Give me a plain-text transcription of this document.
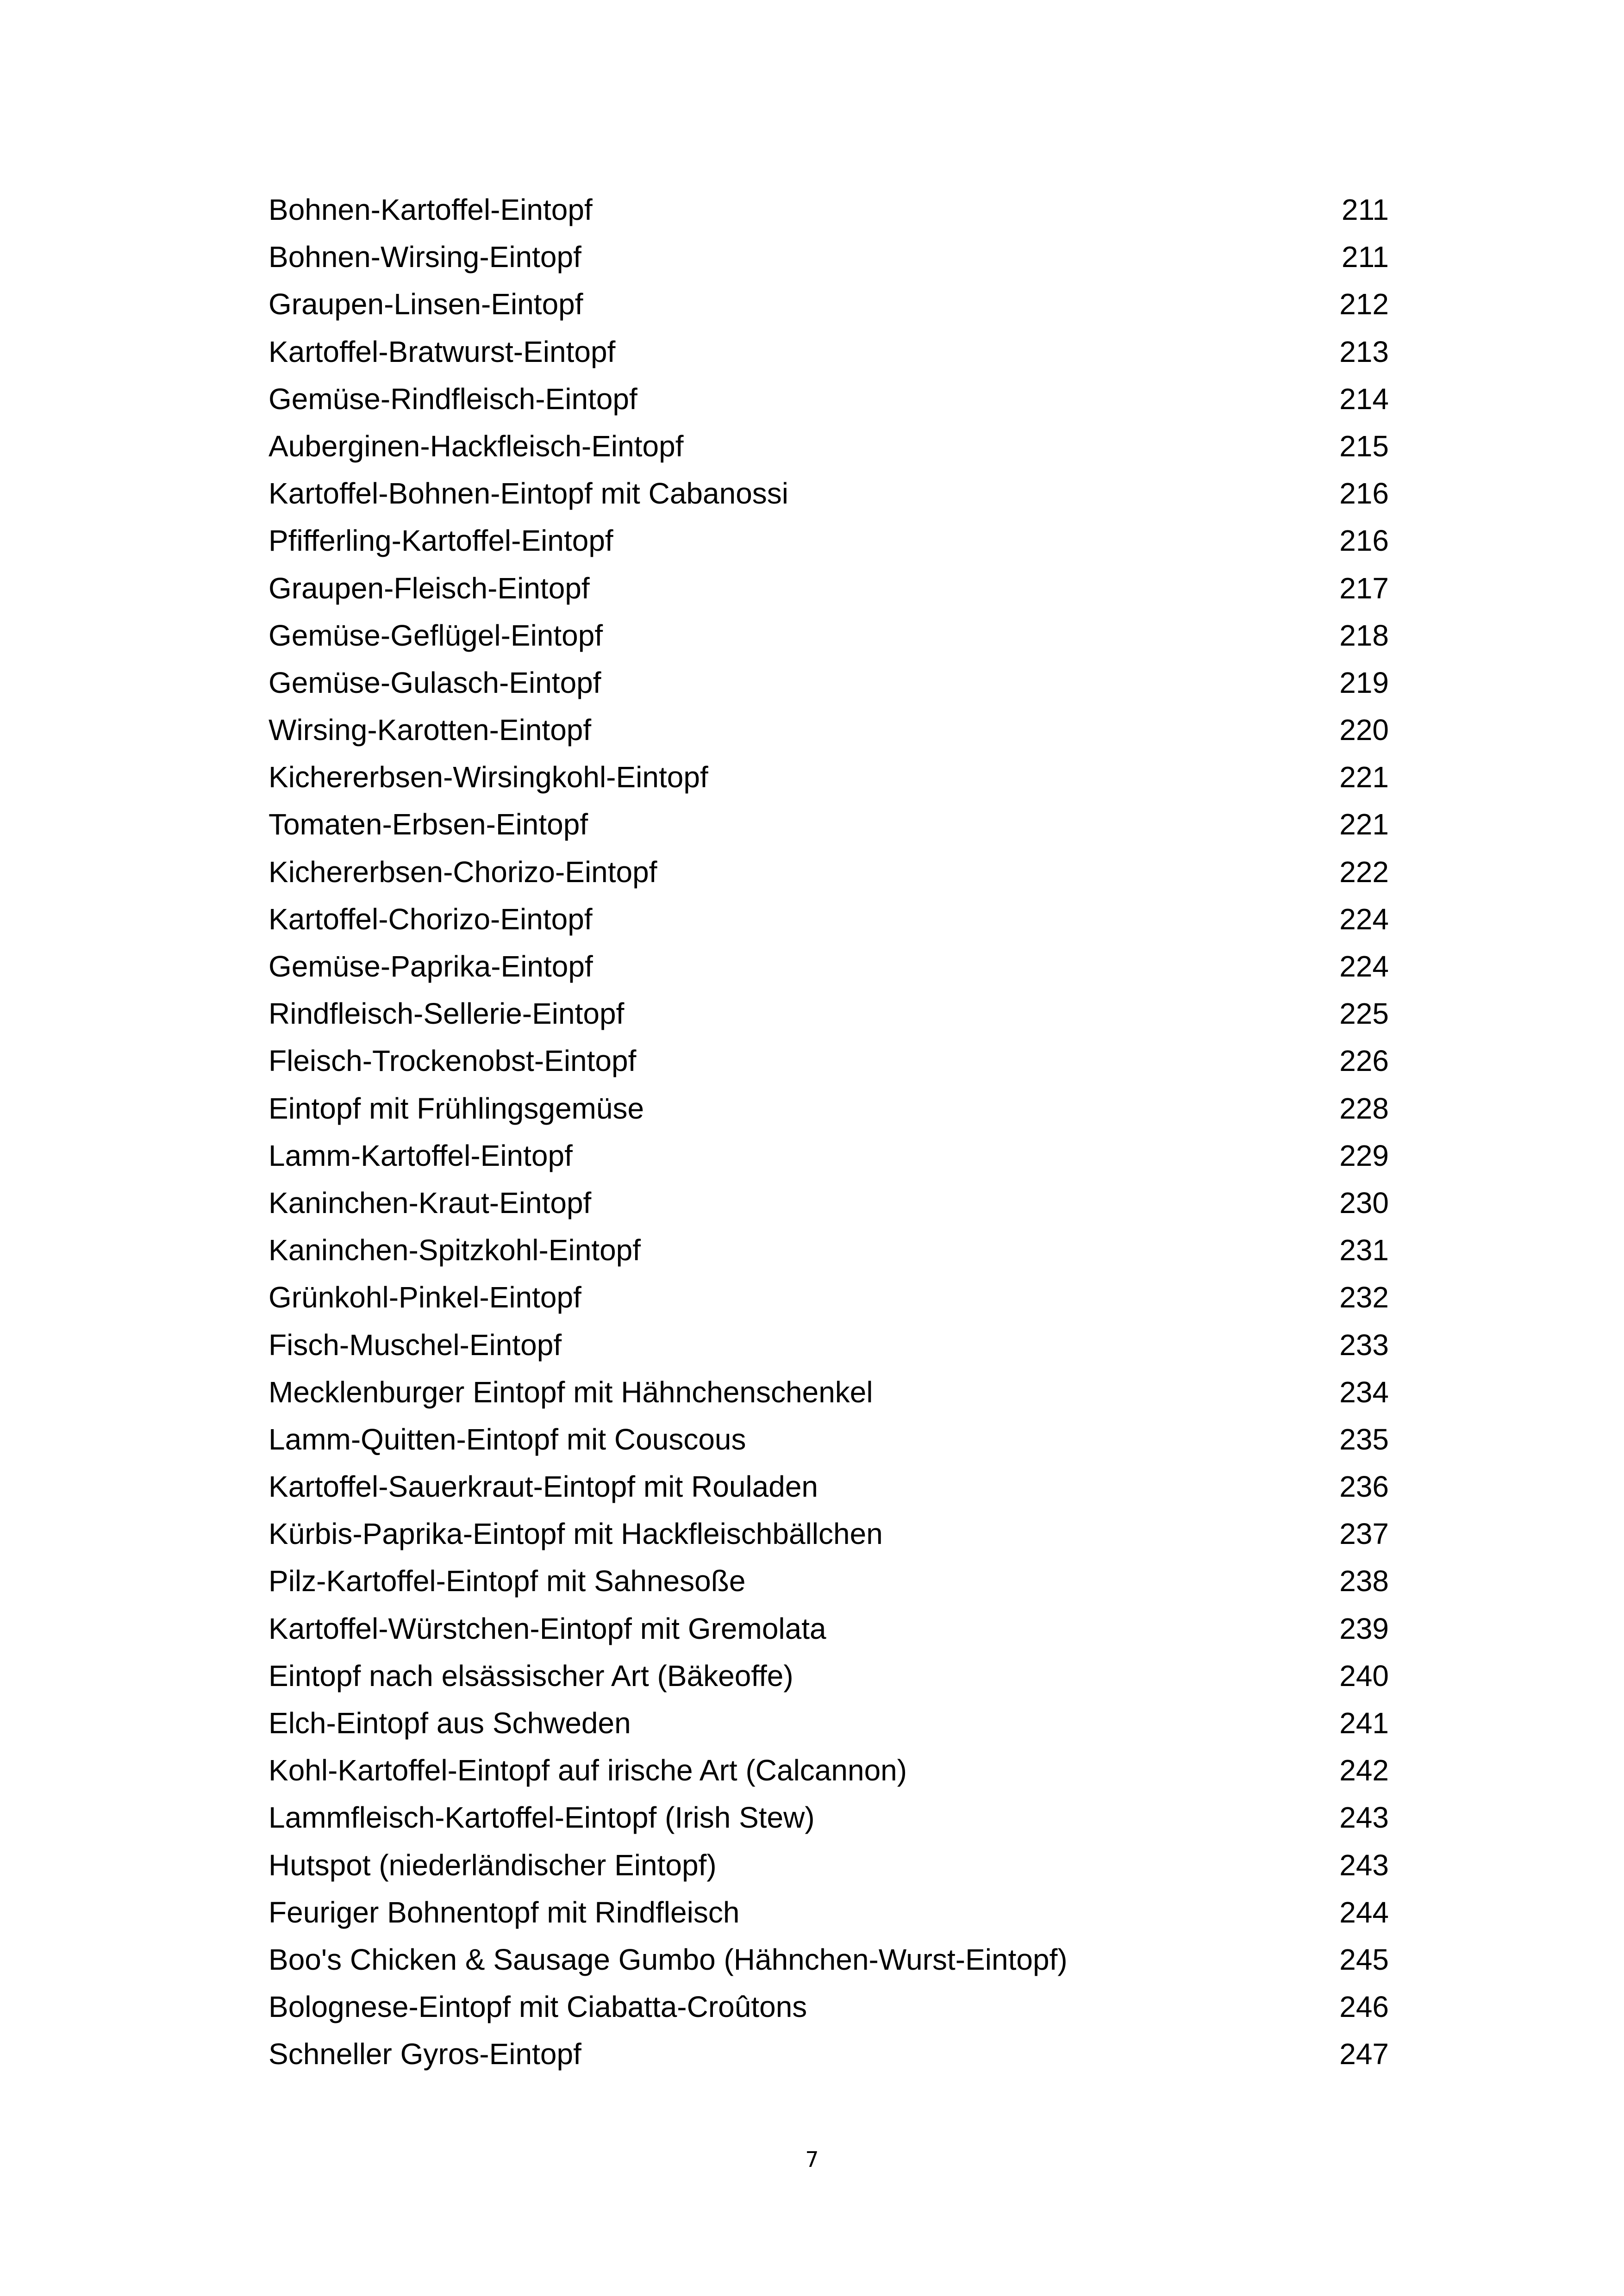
Bohnen-Kartoffel-Eintopf	211
Bohnen-Wirsing-Eintopf	211
Graupen-Linsen-Eintopf	212
Kartoffel-Bratwurst-Eintopf	213
Gemüse-Rindfleisch-Eintopf	214
Auberginen-Hackfleisch-Eintopf	215
Kartoffel-Bohnen-Eintopf mit Cabanossi	216
Pfifferling-Kartoffel-Eintopf	216
Graupen-Fleisch-Eintopf	217
Gemüse-Geflügel-Eintopf	218
Gemüse-Gulasch-Eintopf	219
Wirsing-Karotten-Eintopf	220
Kichererbsen-Wirsingkohl-Eintopf	221
Tomaten-Erbsen-Eintopf	221
Kichererbsen-Chorizo-Eintopf	222
Kartoffel-Chorizo-Eintopf	224
Gemüse-Paprika-Eintopf	224
Rindfleisch-Sellerie-Eintopf	225
Fleisch-Trockenobst-Eintopf	226
Eintopf mit Frühlingsgemüse	228
Lamm-Kartoffel-Eintopf	229
Kaninchen-Kraut-Eintopf	230
Kaninchen-Spitzkohl-Eintopf	231
Grünkohl-Pinkel-Eintopf	232
Fisch-Muschel-Eintopf	233
Mecklenburger Eintopf mit Hähnchenschenkel	234
Lamm-Quitten-Eintopf mit Couscous	235
Kartoffel-Sauerkraut-Eintopf mit Rouladen	236
Kürbis-Paprika-Eintopf mit Hackfleischbällchen	237
Pilz-Kartoffel-Eintopf mit Sahnesoße	238
Kartoffel-Würstchen-Eintopf mit Gremolata	239
Eintopf nach elsässischer Art (Bäkeoffe)	240
Elch-Eintopf aus Schweden	241
Kohl-Kartoffel-Eintopf auf irische Art (Calcannon)	242
Lammfleisch-Kartoffel-Eintopf (Irish Stew)	243
Hutspot (niederländischer Eintopf)	243
Feuriger Bohnentopf mit Rindfleisch	244
Boo's Chicken & Sausage Gumbo (Hähnchen-Wurst-Eintopf)	245
Bolognese-Eintopf mit Ciabatta-Croûtons	246
Schneller Gyros-Eintopf	247
7
